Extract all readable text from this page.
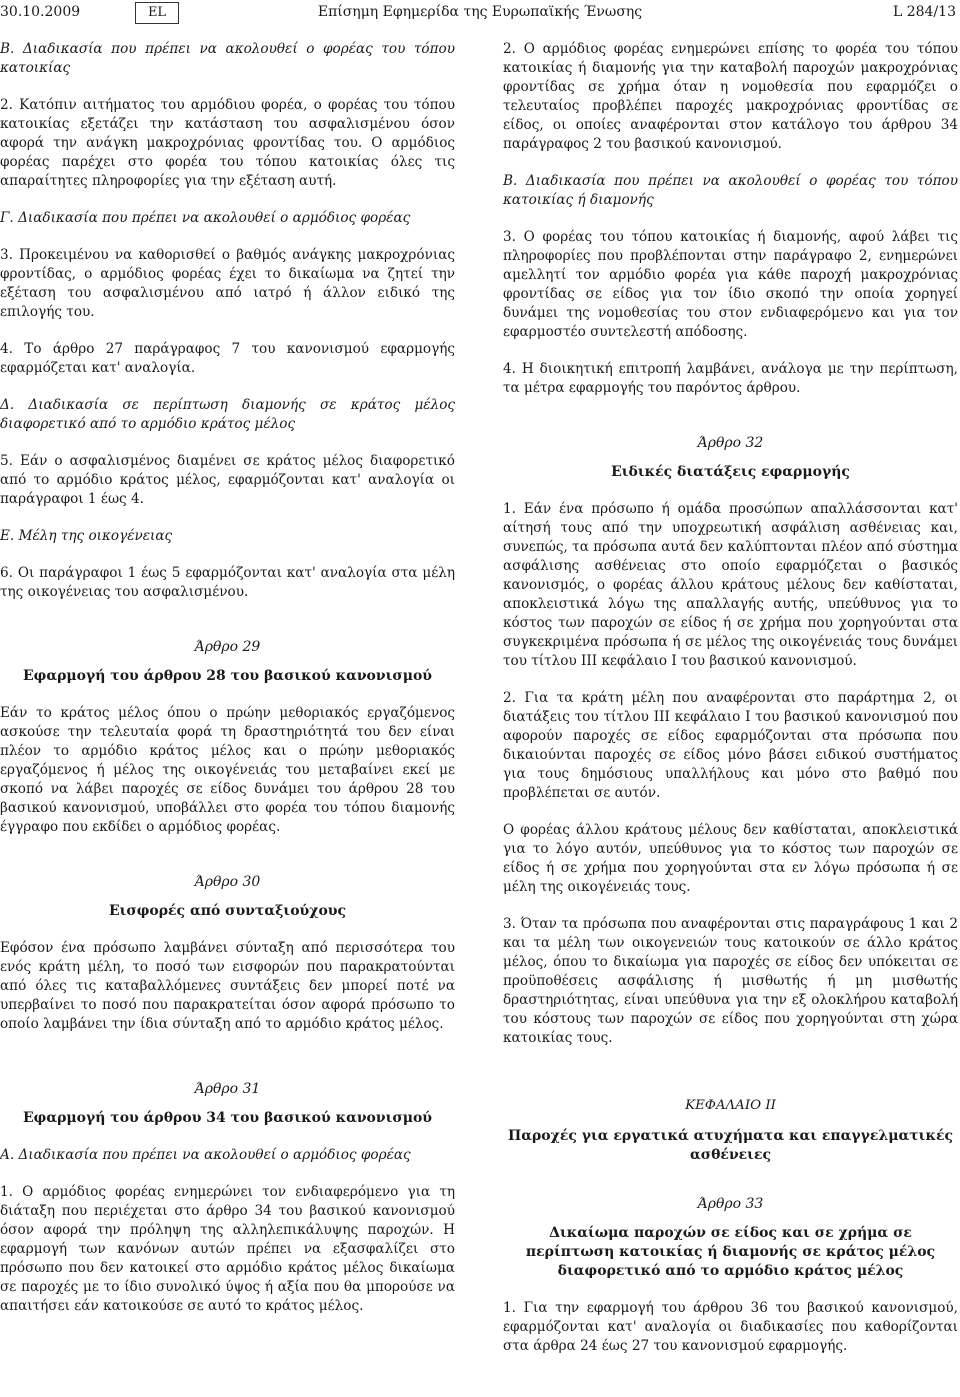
30.10.2009	EL	Επίσημη Εφημερίδα της Ευρωπαϊκής Ένωσης	L 284/13

Β. Διαδικασία που πρέπει να ακολουθεί ο φορέας του τόπου κατοικίας

2. Κατόπιν αιτήματος του αρμόδιου φορέα, ο φορέας του τόπου κατοικίας εξετάζει την κατάσταση του ασφαλισμένου όσον αφορά την ανάγκη μακροχρόνιας φροντίδας του. Ο αρμόδιος φορέας παρέχει στο φορέα του τόπου κατοικίας όλες τις απαραίτητες πληροφορίες για την εξέταση αυτή.

Γ. Διαδικασία που πρέπει να ακολουθεί ο αρμόδιος φορέας

3. Προκειμένου να καθορισθεί ο βαθμός ανάγκης μακροχρόνιας φροντίδας, ο αρμόδιος φορέας έχει το δικαίωμα να ζητεί την εξέταση του ασφαλισμένου από ιατρό ή άλλον ειδικό της επιλογής του.

4. Το άρθρο 27 παράγραφος 7 του κανονισμού εφαρμογής εφαρμόζεται κατ' αναλογία.

Δ. Διαδικασία σε περίπτωση διαμονής σε κράτος μέλος διαφορετικό από το αρμόδιο κράτος μέλος

5. Εάν ο ασφαλισμένος διαμένει σε κράτος μέλος διαφορετικό από το αρμόδιο κράτος μέλος, εφαρμόζονται κατ' αναλογία οι παράγραφοι 1 έως 4.

Ε. Μέλη της οικογένειας

6. Οι παράγραφοι 1 έως 5 εφαρμόζονται κατ' αναλογία στα μέλη της οικογένειας του ασφαλισμένου.

Άρθρο 29

Εφαρμογή του άρθρου 28 του βασικού κανονισμού

Εάν το κράτος μέλος όπου ο πρώην μεθοριακός εργαζόμενος ασκούσε την τελευταία φορά τη δραστηριότητά του δεν είναι πλέον το αρμόδιο κράτος μέλος και ο πρώην μεθοριακός εργαζόμενος ή μέλος της οικογένειάς του μεταβαίνει εκεί με σκοπό να λάβει παροχές σε είδος δυνάμει του άρθρου 28 του βασικού κανονισμού, υποβάλλει στο φορέα του τόπου διαμονής έγγραφο που εκδίδει ο αρμόδιος φορέας.

Άρθρο 30

Εισφορές από συνταξιούχους

Εφόσον ένα πρόσωπο λαμβάνει σύνταξη από περισσότερα του ενός κράτη μέλη, το ποσό των εισφορών που παρακρατούνται από όλες τις καταβαλλόμενες συντάξεις δεν μπορεί ποτέ να υπερβαίνει το ποσό που παρακρατείται όσον αφορά πρόσωπο το οποίο λαμβάνει την ίδια σύνταξη από το αρμόδιο κράτος μέλος.

Άρθρο 31

Εφαρμογή του άρθρου 34 του βασικού κανονισμού

Α. Διαδικασία που πρέπει να ακολουθεί ο αρμόδιος φορέας

1. Ο αρμόδιος φορέας ενημερώνει τον ενδιαφερόμενο για τη διάταξη που περιέχεται στο άρθρο 34 του βασικού κανονισμού όσον αφορά την πρόληψη της αλληλεπικάλυψης παροχών. Η εφαρμογή των κανόνων αυτών πρέπει να εξασφαλίζει στο πρόσωπο που δεν κατοικεί στο αρμόδιο κράτος μέλος δικαίωμα σε παροχές με το ίδιο συνολικό ύψος ή αξία που θα μπορούσε να απαιτήσει εάν κατοικούσε σε αυτό το κράτος μέλος.

2. Ο αρμόδιος φορέας ενημερώνει επίσης το φορέα του τόπου κατοικίας ή διαμονής για την καταβολή παροχών μακροχρόνιας φροντίδας σε χρήμα όταν η νομοθεσία που εφαρμόζει ο τελευταίος προβλέπει παροχές μακροχρόνιας φροντίδας σε είδος, οι οποίες αναφέρονται στον κατάλογο του άρθρου 34 παράγραφος 2 του βασικού κανονισμού.

Β. Διαδικασία που πρέπει να ακολουθεί ο φορέας του τόπου κατοικίας ή διαμονής

3. Ο φορέας του τόπου κατοικίας ή διαμονής, αφού λάβει τις πληροφορίες που προβλέπονται στην παράγραφο 2, ενημερώνει αμελλητί τον αρμόδιο φορέα για κάθε παροχή μακροχρόνιας φροντίδας σε είδος για τον ίδιο σκοπό την οποία χορηγεί δυνάμει της νομοθεσίας του στον ενδιαφερόμενο και για τον εφαρμοστέο συντελεστή απόδοσης.

4. Η διοικητική επιτροπή λαμβάνει, ανάλογα με την περίπτωση, τα μέτρα εφαρμογής του παρόντος άρθρου.

Άρθρο 32

Ειδικές διατάξεις εφαρμογής

1. Εάν ένα πρόσωπο ή ομάδα προσώπων απαλλάσσονται κατ' αίτησή τους από την υποχρεωτική ασφάλιση ασθένειας και, συνεπώς, τα πρόσωπα αυτά δεν καλύπτονται πλέον από σύστημα ασφάλισης ασθένειας στο οποίο εφαρμόζεται ο βασικός κανονισμός, ο φορέας άλλου κράτους μέλους δεν καθίσταται, αποκλειστικά λόγω της απαλλαγής αυτής, υπεύθυνος για το κόστος των παροχών σε είδος ή σε χρήμα που χορηγούνται στα συγκεκριμένα πρόσωπα ή σε μέλος της οικογένειάς τους δυνάμει του τίτλου ΙΙΙ κεφάλαιο Ι του βασικού κανονισμού.

2. Για τα κράτη μέλη που αναφέρονται στο παράρτημα 2, οι διατάξεις του τίτλου ΙΙΙ κεφάλαιο Ι του βασικού κανονισμού που αφορούν παροχές σε είδος εφαρμόζονται στα πρόσωπα που δικαιούνται παροχές σε είδος μόνο βάσει ειδικού συστήματος για τους δημόσιους υπαλλήλους και μόνο στο βαθμό που προβλέπεται σε αυτόν.

Ο φορέας άλλου κράτους μέλους δεν καθίσταται, αποκλειστικά για το λόγο αυτόν, υπεύθυνος για το κόστος των παροχών σε είδος ή σε χρήμα που χορηγούνται στα εν λόγω πρόσωπα ή σε μέλη της οικογένειάς τους.

3. Όταν τα πρόσωπα που αναφέρονται στις παραγράφους 1 και 2 και τα μέλη των οικογενειών τους κατοικούν σε άλλο κράτος μέλος, όπου το δικαίωμα για παροχές σε είδος δεν υπόκειται σε προϋποθέσεις ασφάλισης ή μισθωτής ή μη μισθωτής δραστηριότητας, είναι υπεύθυνα για την εξ ολοκλήρου καταβολή του κόστους των παροχών σε είδος που χορηγούνται στη χώρα κατοικίας τους.

ΚΕΦΑΛΑΙΟ ΙΙ

Παροχές για εργατικά ατυχήματα και επαγγελματικές ασθένειες

Άρθρο 33

Δικαίωμα παροχών σε είδος και σε χρήμα σε περίπτωση κατοικίας ή διαμονής σε κράτος μέλος διαφορετικό από το αρμόδιο κράτος μέλος

1. Για την εφαρμογή του άρθρου 36 του βασικού κανονισμού, εφαρμόζονται κατ' αναλογία οι διαδικασίες που καθορίζονται στα άρθρα 24 έως 27 του κανονισμού εφαρμογής.
